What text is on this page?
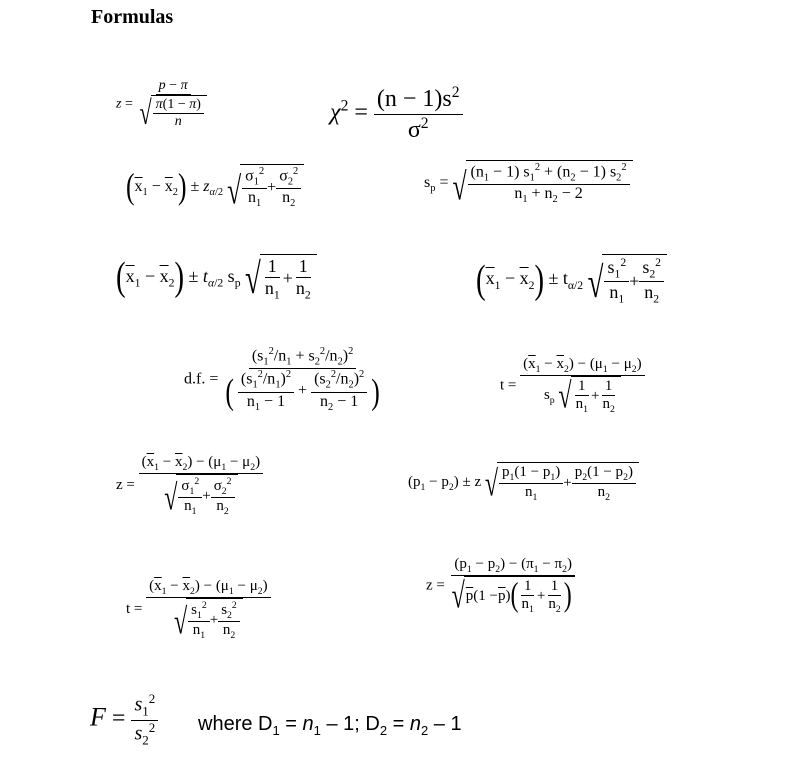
Formulas
$z = \frac{p - \pi}{√ \frac{\pi(1 - \pi)}{n}}$	$\chi^2 = \frac{(n - 1)s^2}{\sigma^2}$
$(\overline{x}_1 - \overline{x}_2) \pm z_{\alpha/2}$ √ $\frac{\sigma_1^2}{n_1} + \frac{\sigma_2^2}{n_2}$	$s_p$ = √ $\frac{(n_1 - 1) s_1^2 + (n_2 - 1) s_2^2}{n_1 + n_2 - 2}$
$(\overline{x}_1 - \overline{x}_2) \pm t_{\alpha/2}$ $s_p$ √ $\frac{1}{n_1} + \frac{1}{n_2}$	$(\overline{x}_1 - \overline{x}_2) \pm t_{\alpha/2}$ √ $\frac{s_1^2}{n_1} + \frac{s_2^2}{n_2}$
d.f. = $\frac{(s_1^2/n_1 + s_2^2/n_2)^2}{( \frac{(s_1^2/n_1)^2}{n_1 - 1} + \frac{(s_2^2/n_2)^2}{n_2 - 1} )}$	$t = \frac{(\overline{x}_1 - \overline{x}_2) - (\mu_1 - \mu_2)}{s_p √ \frac{1}{n_1} + \frac{1}{n_2}}$
$z = \frac{(\overline{x}_1 - \overline{x}_2) - (\mu_1 - \mu_2)}{√ \frac{\sigma_1^2}{n_1} + \frac{\sigma_2^2}{n_2}}$	$(p_1 - p_2) \pm z$ √ $\frac{p_1(1 - p_1)}{n_1} + \frac{p_2(1 - p_2)}{n_2}$
$z = \frac{(p_1 - p_2) - (\pi_1 - \pi_2)}{√ p (1 - \overline{p} ) ( \frac{1}{n_1} + \frac{1}{n_2} )}$
$t = \frac{(\overline{x}_1 - \overline{x}_2) - (\mu_1 - \mu_2)}{√ \frac{s_1^2}{n_1} + \frac{s_2^2}{n_2}}$
$F = \frac{s_1^2}{s_2^2}$ where $D_1 = n_1 - 1$; $D_2 = n_2 - 1$
